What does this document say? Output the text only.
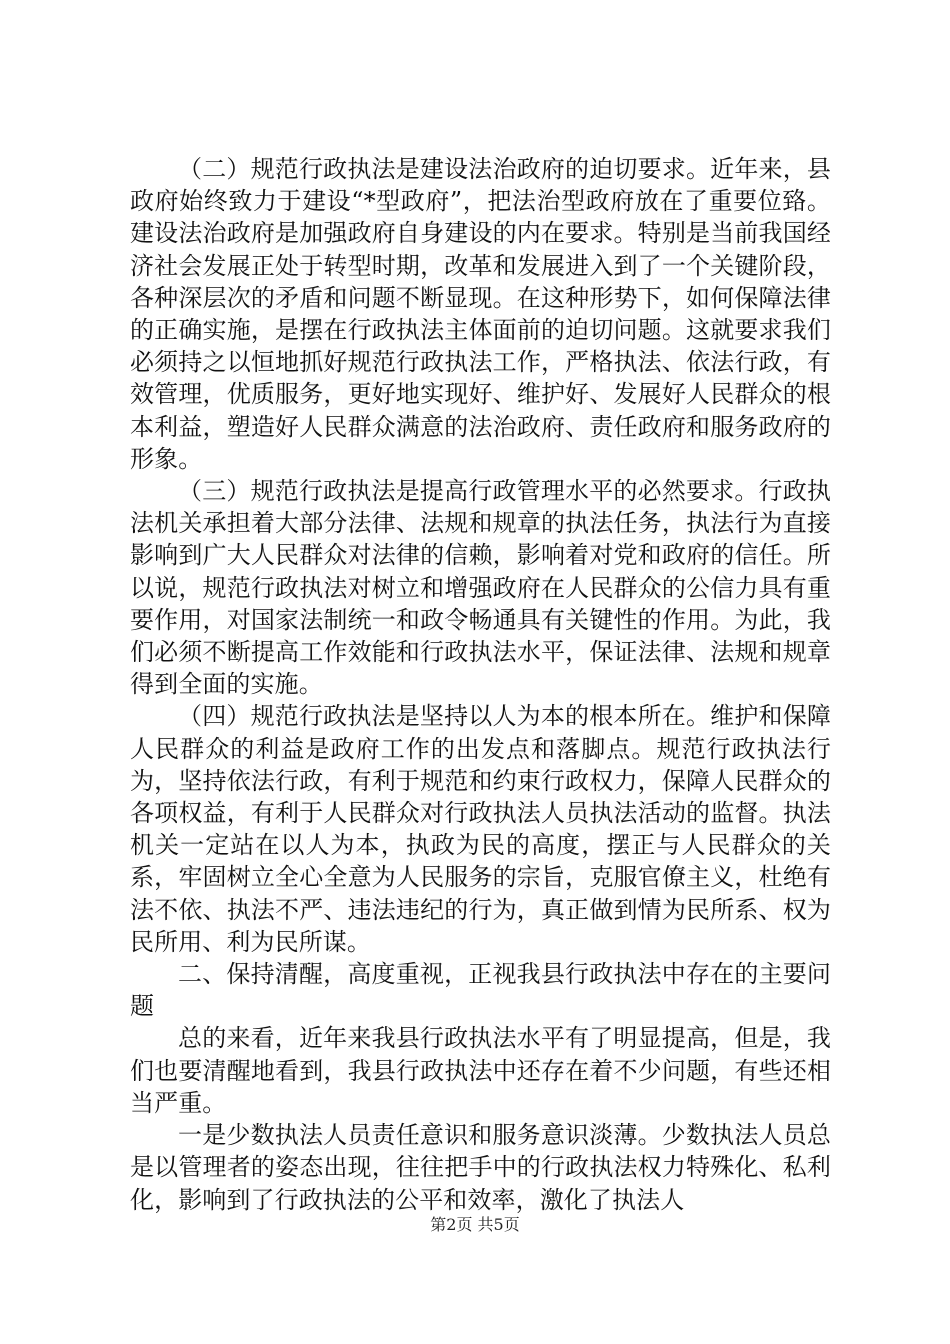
（二）规范行政执法是建设法治政府的迫切要求。近年来，县政府始终致力于建设“*型政府”，把法治型政府放在了重要位臵。建设法治政府是加强政府自身建设的内在要求。特别是当前我国经济社会发展正处于转型时期，改革和发展进入到了一个关键阶段，各种深层次的矛盾和问题不断显现。在这种形势下，如何保障法律的正确实施，是摆在行政执法主体面前的迫切问题。这就要求我们必须持之以恒地抓好规范行政执法工作，严格执法、依法行政，有效管理，优质服务，更好地实现好、维护好、发展好人民群众的根本利益，塑造好人民群众满意的法治政府、责任政府和服务政府的形象。

（三）规范行政执法是提高行政管理水平的必然要求。行政执法机关承担着大部分法律、法规和规章的执法任务，执法行为直接影响到广大人民群众对法律的信赖，影响着对党和政府的信任。所以说，规范行政执法对树立和增强政府在人民群众的公信力具有重要作用，对国家法制统一和政令畅通具有关键性的作用。为此，我们必须不断提高工作效能和行政执法水平，保证法律、法规和规章得到全面的实施。

（四）规范行政执法是坚持以人为本的根本所在。维护和保障人民群众的利益是政府工作的出发点和落脚点。规范行政执法行为，坚持依法行政，有利于规范和约束行政权力，保障人民群众的各项权益，有利于人民群众对行政执法人员执法活动的监督。执法机关一定站在以人为本，执政为民的高度，摆正与人民群众的关系，牢固树立全心全意为人民服务的宗旨，克服官僚主义，杜绝有法不依、执法不严、违法违纪的行为，真正做到情为民所系、权为民所用、利为民所谋。

二、保持清醒，高度重视，正视我县行政执法中存在的主要问题

总的来看，近年来我县行政执法水平有了明显提高，但是，我们也要清醒地看到，我县行政执法中还存在着不少问题，有些还相当严重。

一是少数执法人员责任意识和服务意识淡薄。少数执法人员总是以管理者的姿态出现，往往把手中的行政执法权力特殊化、私利化，影响到了行政执法的公平和效率，激化了执法人

第2页 共5页
